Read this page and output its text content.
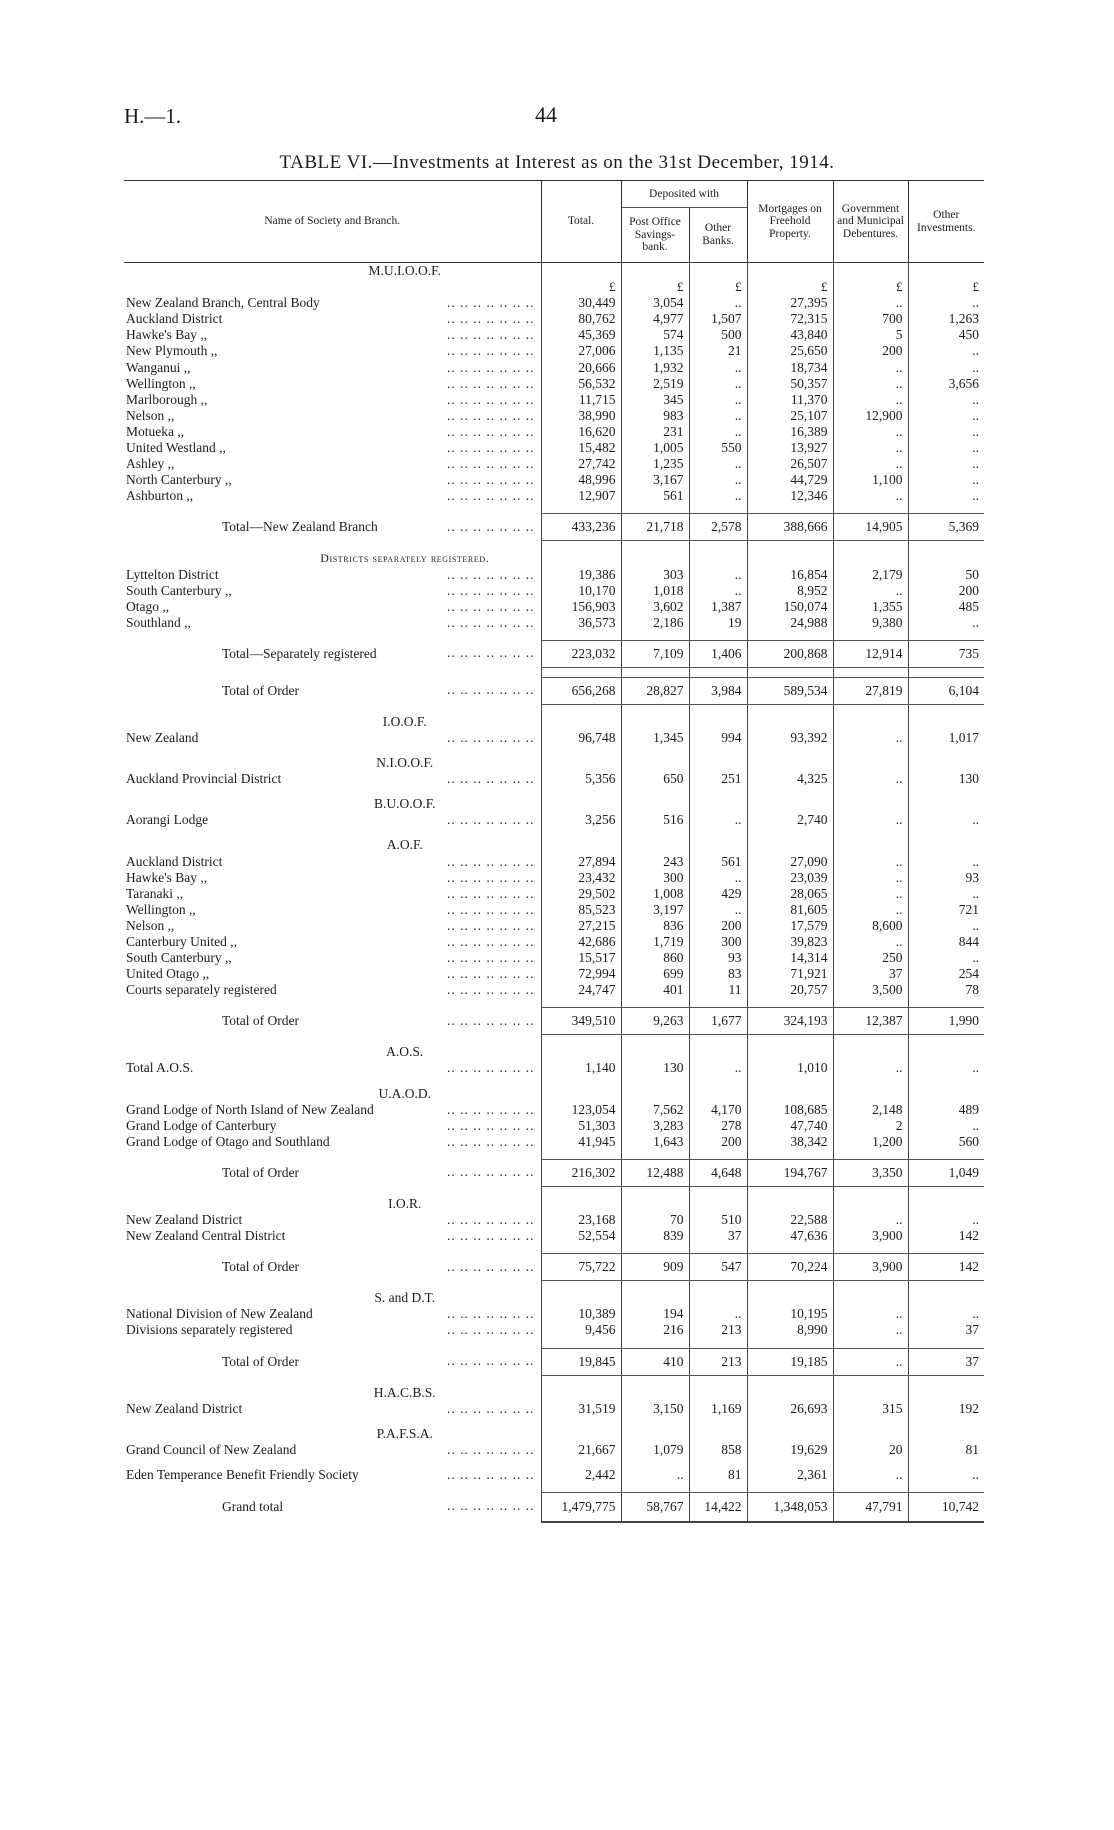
H.—1.	44
TABLE VI.—Investments at Interest as on the 31st December, 1914.
Name of Society and Branch.	Total.	Deposited with		Mortgages on Freehold Property.	Government and Municipal Debentures.	Other Investments.
		Post Office Savings-bank.	Other Banks.			
M.U.I.O.O.F.						
	£	£	£	£	£	£
New Zealand Branch, Central Body .. .. .. .. .. .. ..	30,449	3,054	..	27,395	..	..
Auckland District .. .. .. .. .. .. ..	80,762	4,977	1,507	72,315	700	1,263
Hawke's Bay ,, .. .. .. .. .. .. ..	45,369	574	500	43,840	5	450
New Plymouth ,, .. .. .. .. .. .. ..	27,006	1,135	21	25,650	200	..
Wanganui ,, .. .. .. .. .. .. ..	20,666	1,932	..	18,734	..	..
Wellington ,, .. .. .. .. .. .. ..	56,532	2,519	..	50,357	..	3,656
Marlborough ,, .. .. .. .. .. .. ..	11,715	345	..	11,370	..	..
Nelson ,, .. .. .. .. .. .. ..	38,990	983	..	25,107	12,900	..
Motueka ,, .. .. .. .. .. .. ..	16,620	231	..	16,389	..	..
United Westland ,, .. .. .. .. .. .. ..	15,482	1,005	550	13,927	..	..
Ashley ,, .. .. .. .. .. .. ..	27,742	1,235	..	26,507	..	..
North Canterbury ,, .. .. .. .. .. .. ..	48,996	3,167	..	44,729	1,100	..
Ashburton ,, .. .. .. .. .. .. ..	12,907	561	..	12,346	..	..

Total—New Zealand Branch .. .. .. .. .. .. ..	433,236	21,718	2,578	388,666	14,905	5,369

Districts separately registered.						
Lyttelton District .. .. .. .. .. .. ..	19,386	303	..	16,854	2,179	50
South Canterbury ,, .. .. .. .. .. .. ..	10,170	1,018	..	8,952	..	200
Otago ,, .. .. .. .. .. .. ..	156,903	3,602	1,387	150,074	1,355	485
Southland ,, .. .. .. .. .. .. ..	36,573	2,186	19	24,988	9,380	..

Total—Separately registered .. .. .. .. .. .. ..	223,032	7,109	1,406	200,868	12,914	735

Total of Order .. .. .. .. .. .. ..	656,268	28,827	3,984	589,534	27,819	6,104

I.O.O.F.						
New Zealand .. .. .. .. .. .. ..	96,748	1,345	994	93,392	..	1,017

N.I.O.O.F.						
Auckland Provincial District .. .. .. .. .. .. ..	5,356	650	251	4,325	..	130

B.U.O.O.F.						
Aorangi Lodge .. .. .. .. .. .. ..	3,256	516	..	2,740	..	..

A.O.F.						
Auckland District .. .. .. .. .. .. ..	27,894	243	561	27,090	..	..
Hawke's Bay ,, .. .. .. .. .. .. ..	23,432	300	..	23,039	..	93
Taranaki ,, .. .. .. .. .. .. ..	29,502	1,008	429	28,065	..	..
Wellington ,, .. .. .. .. .. .. ..	85,523	3,197	..	81,605	..	721
Nelson ,, .. .. .. .. .. .. ..	27,215	836	200	17,579	8,600	..
Canterbury United ,, .. .. .. .. .. .. ..	42,686	1,719	300	39,823	..	844
South Canterbury ,, .. .. .. .. .. .. ..	15,517	860	93	14,314	250	..
United Otago ,, .. .. .. .. .. .. ..	72,994	699	83	71,921	37	254
Courts separately registered .. .. .. .. .. .. ..	24,747	401	11	20,757	3,500	78

Total of Order .. .. .. .. .. .. ..	349,510	9,263	1,677	324,193	12,387	1,990

A.O.S.						
Total A.O.S. .. .. .. .. .. .. ..	1,140	130	..	1,010	..	..

U.A.O.D.						
Grand Lodge of North Island of New Zealand .. .. .. .. .. .. ..	123,054	7,562	4,170	108,685	2,148	489
Grand Lodge of Canterbury .. .. .. .. .. .. ..	51,303	3,283	278	47,740	2	..
Grand Lodge of Otago and Southland .. .. .. .. .. .. ..	41,945	1,643	200	38,342	1,200	560

Total of Order .. .. .. .. .. .. ..	216,302	12,488	4,648	194,767	3,350	1,049

I.O.R.						
New Zealand District .. .. .. .. .. .. ..	23,168	70	510	22,588	..	..
New Zealand Central District .. .. .. .. .. .. ..	52,554	839	37	47,636	3,900	142

Total of Order .. .. .. .. .. .. ..	75,722	909	547	70,224	3,900	142

S. and D.T.						
National Division of New Zealand .. .. .. .. .. .. ..	10,389	194	..	10,195	..	..
Divisions separately registered .. .. .. .. .. .. ..	9,456	216	213	8,990	..	37

Total of Order .. .. .. .. .. .. ..	19,845	410	213	19,185	..	37

H.A.C.B.S.						
New Zealand District .. .. .. .. .. .. ..	31,519	3,150	1,169	26,693	315	192

P.A.F.S.A.						
Grand Council of New Zealand .. .. .. .. .. .. ..	21,667	1,079	858	19,629	20	81

Eden Temperance Benefit Friendly Society .. .. .. .. .. .. ..	2,442	..	81	2,361	..	..

Grand total .. .. .. .. .. .. ..	1,479,775	58,767	14,422	1,348,053	47,791	10,742
